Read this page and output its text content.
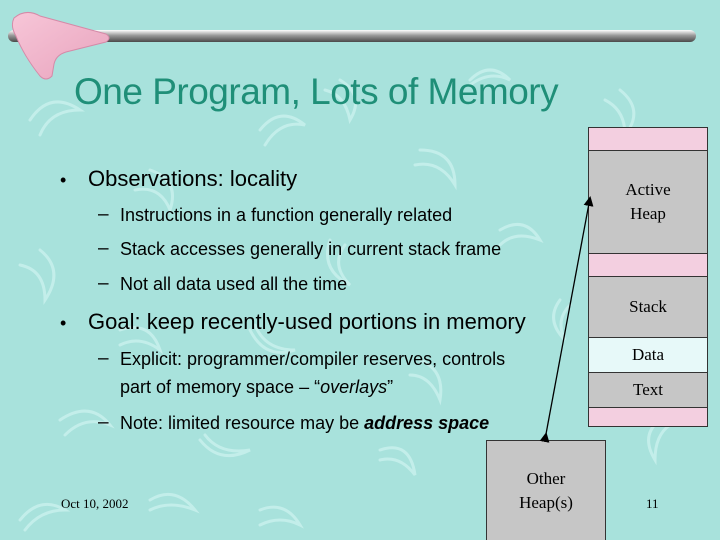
One Program, Lots of Memory
• Observations: locality
– Instructions in a function generally related
– Stack accesses generally in current stack frame
– Not all data used all the time
• Goal: keep recently-used portions in memory
– Explicit: programmer/compiler reserves, controls
part of memory space – “overlays”
– Note: limited resource may be address space
Active
Heap
Stack
Data
Text
Other
Heap(s)
Oct 10, 2002	11
